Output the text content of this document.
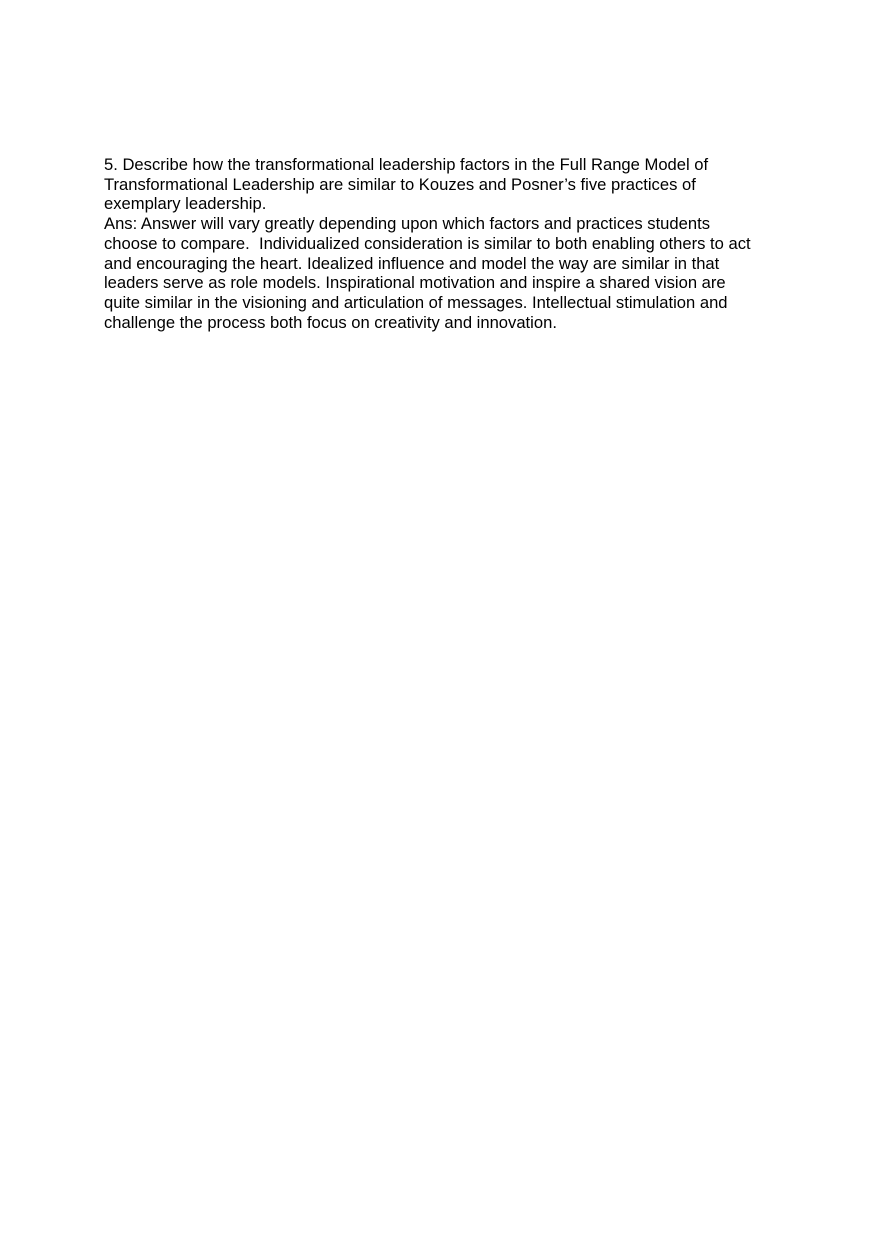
5. Describe how the transformational leadership factors in the Full Range Model of
Transformational Leadership are similar to Kouzes and Posner’s five practices of
exemplary leadership.
Ans: Answer will vary greatly depending upon which factors and practices students
choose to compare.  Individualized consideration is similar to both enabling others to act
and encouraging the heart. Idealized influence and model the way are similar in that
leaders serve as role models. Inspirational motivation and inspire a shared vision are
quite similar in the visioning and articulation of messages. Intellectual stimulation and
challenge the process both focus on creativity and innovation.
